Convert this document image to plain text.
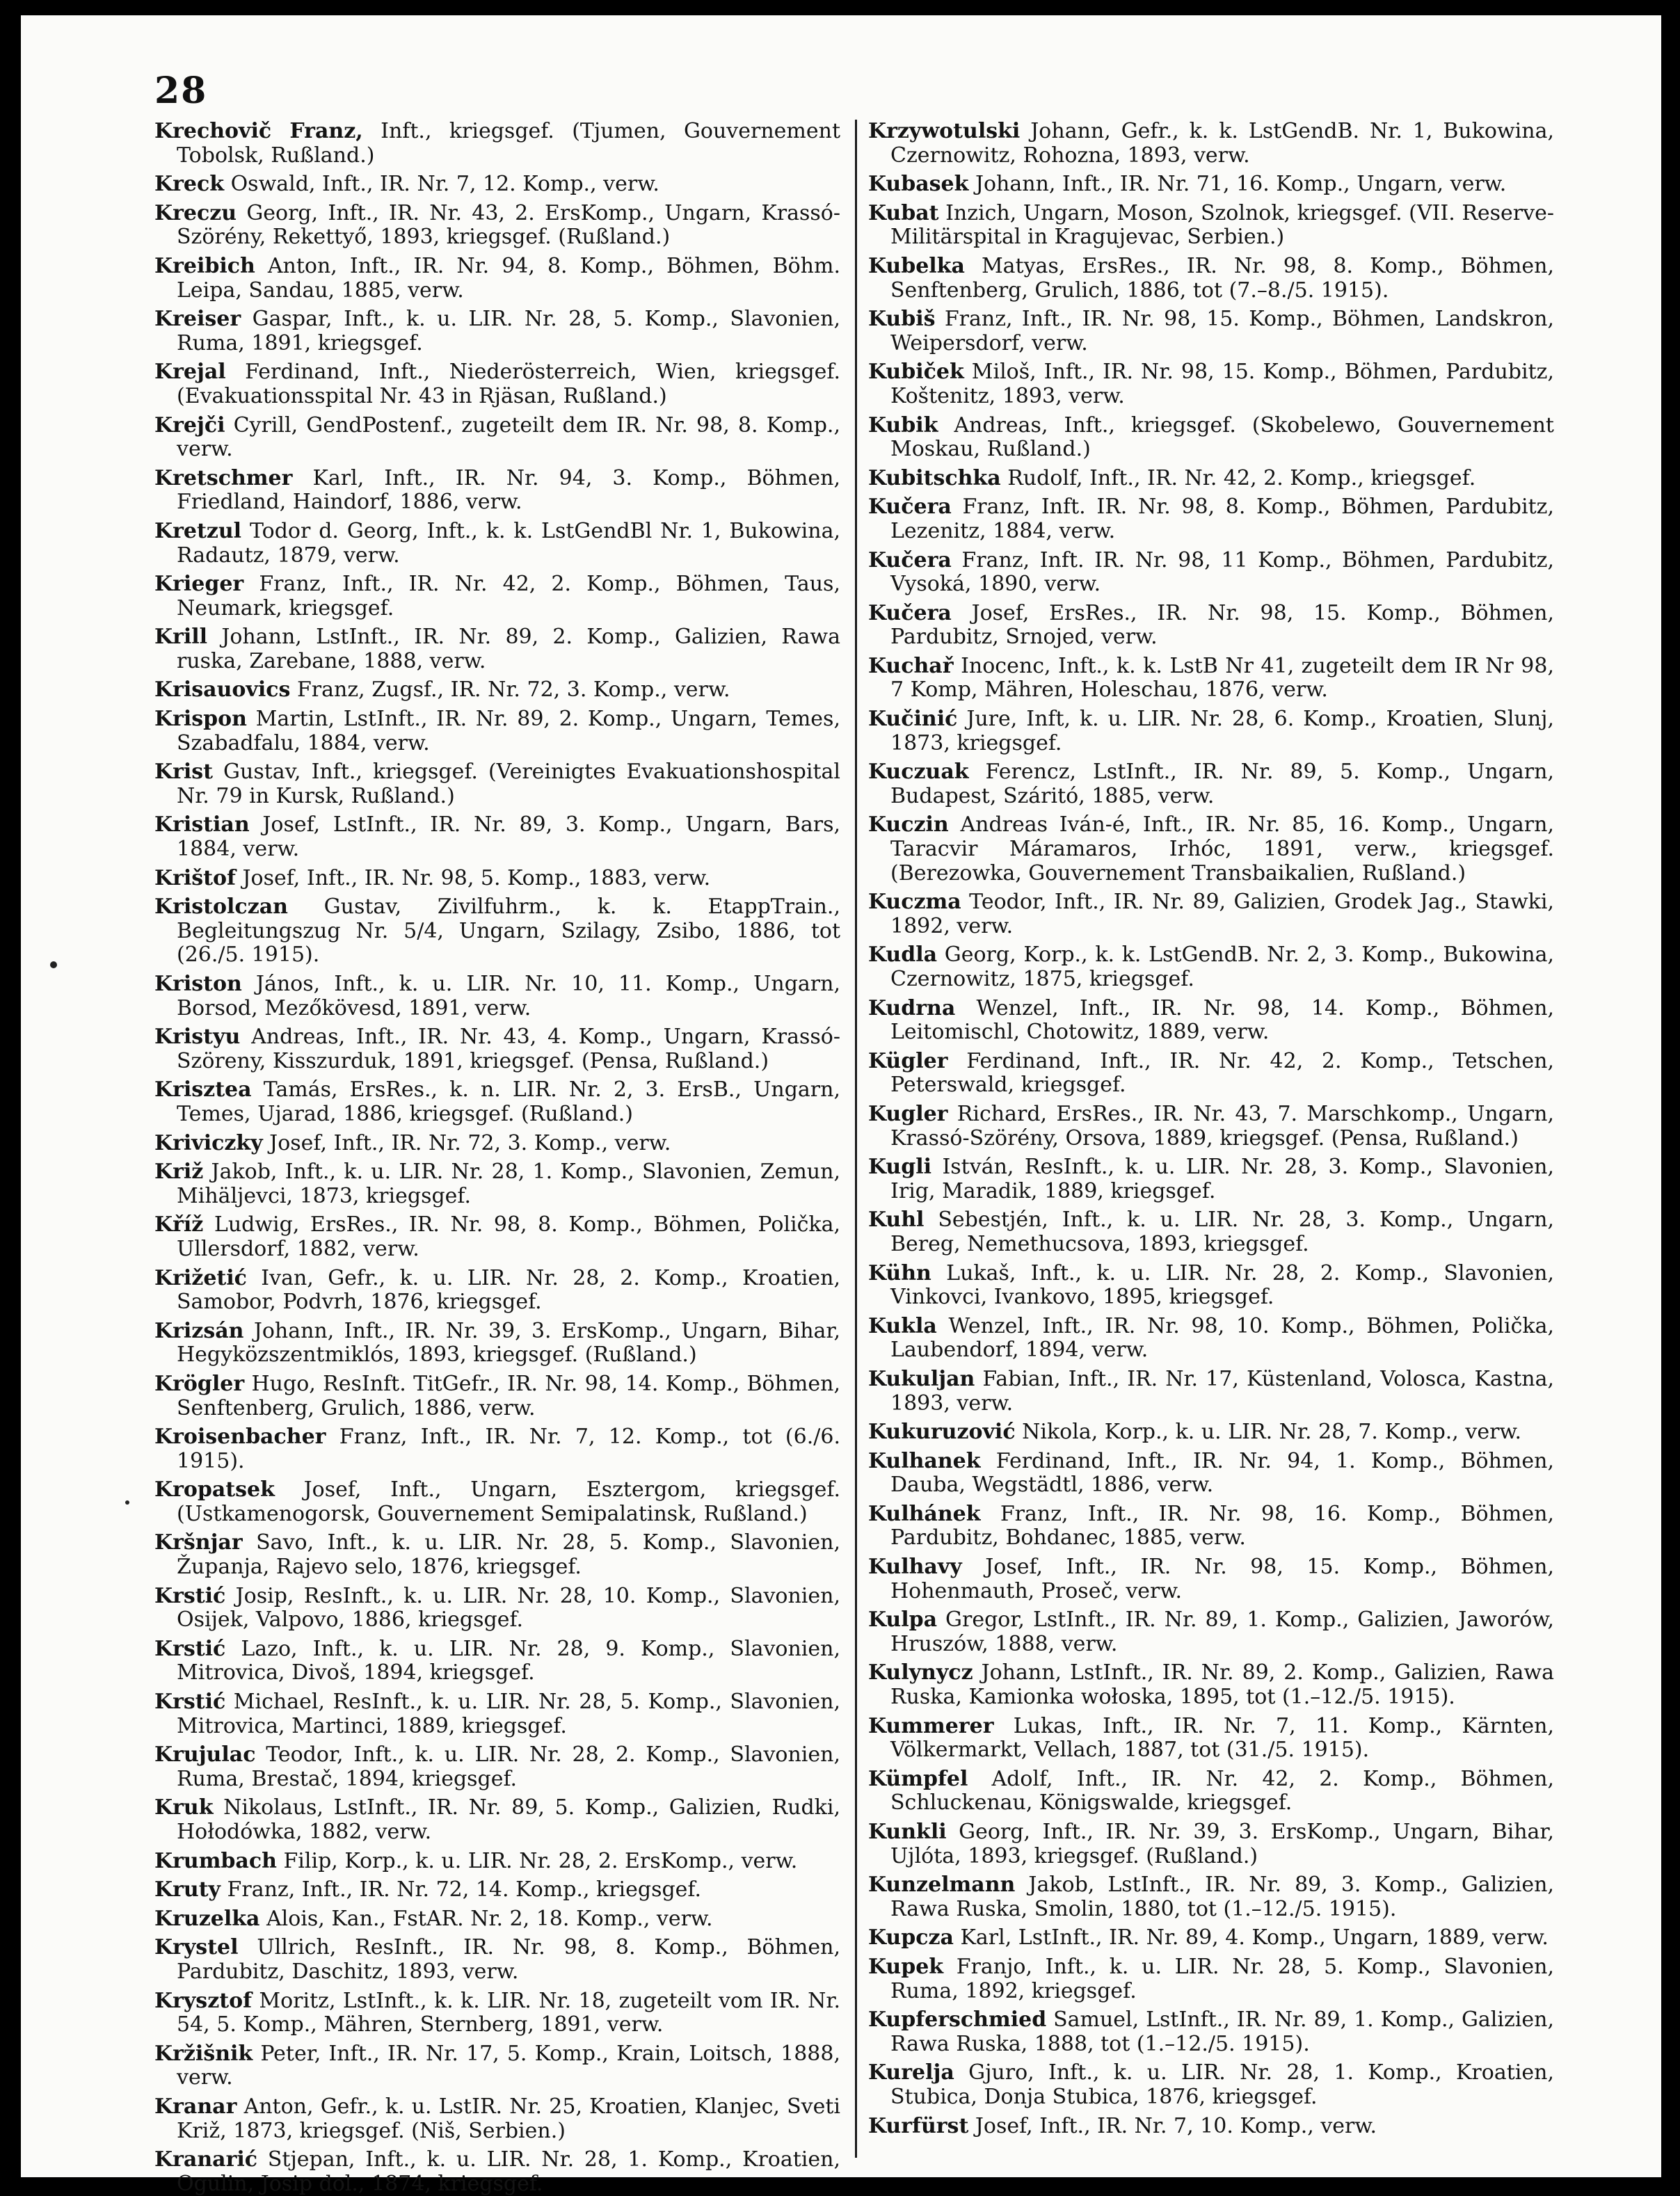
28
Krechovič Franz, Inft., kriegsgef. (Tjumen, Gouvernement Tobolsk, Rußland.)
Kreck Oswald, Inft., IR. Nr. 7, 12. Komp., verw.
Kreczu Georg, Inft., IR. Nr. 43, 2. ErsKomp., Ungarn, Krassó-Szörény, Rekettyő, 1893, kriegsgef. (Rußland.)
Kreibich Anton, Inft., IR. Nr. 94, 8. Komp., Böhmen, Böhm. Leipa, Sandau, 1885, verw.
Kreiser Gaspar, Inft., k. u. LIR. Nr. 28, 5. Komp., Slavonien, Ruma, 1891, kriegsgef.
Krejal Ferdinand, Inft., Niederösterreich, Wien, kriegsgef. (Evakuationsspital Nr. 43 in Rjäsan, Rußland.)
Krejči Cyrill, GendPostenf., zugeteilt dem IR. Nr. 98, 8. Komp., verw.
Kretschmer Karl, Inft., IR. Nr. 94, 3. Komp., Böhmen, Friedland, Haindorf, 1886, verw.
Kretzul Todor d. Georg, Inft., k. k. LstGendBl Nr. 1, Bukowina, Radautz, 1879, verw.
Krieger Franz, Inft., IR. Nr. 42, 2. Komp., Böhmen, Taus, Neumark, kriegsgef.
Krill Johann, LstInft., IR. Nr. 89, 2. Komp., Galizien, Rawa ruska, Zarebane, 1888, verw.
Krisauovics Franz, Zugsf., IR. Nr. 72, 3. Komp., verw.
Krispon Martin, LstInft., IR. Nr. 89, 2. Komp., Ungarn, Temes, Szabadfalu, 1884, verw.
Krist Gustav, Inft., kriegsgef. (Vereinigtes Evakuationshospital Nr. 79 in Kursk, Rußland.)
Kristian Josef, LstInft., IR. Nr. 89, 3. Komp., Ungarn, Bars, 1884, verw.
Krištof Josef, Inft., IR. Nr. 98, 5. Komp., 1883, verw.
Kristolczan Gustav, Zivilfuhrm., k. k. EtappTrain., Begleitungszug Nr. 5/4, Ungarn, Szilagy, Zsibo, 1886, tot (26./5. 1915).
Kriston János, Inft., k. u. LIR. Nr. 10, 11. Komp., Ungarn, Borsod, Mezőkövesd, 1891, verw.
Kristyu Andreas, Inft., IR. Nr. 43, 4. Komp., Ungarn, Krassó-Szöreny, Kisszurduk, 1891, kriegsgef. (Pensa, Rußland.)
Krisztea Tamás, ErsRes., k. n. LIR. Nr. 2, 3. ErsB., Ungarn, Temes, Ujarad, 1886, kriegsgef. (Rußland.)
Kriviczky Josef, Inft., IR. Nr. 72, 3. Komp., verw.
Križ Jakob, Inft., k. u. LIR. Nr. 28, 1. Komp., Slavonien, Zemun, Mihäljevci, 1873, kriegsgef.
Kříž Ludwig, ErsRes., IR. Nr. 98, 8. Komp., Böhmen, Polička, Ullersdorf, 1882, verw.
Križetić Ivan, Gefr., k. u. LIR. Nr. 28, 2. Komp., Kroatien, Samobor, Podvrh, 1876, kriegsgef.
Krizsán Johann, Inft., IR. Nr. 39, 3. ErsKomp., Ungarn, Bihar, Hegyközszentmiklós, 1893, kriegsgef. (Rußland.)
Krögler Hugo, ResInft. TitGefr., IR. Nr. 98, 14. Komp., Böhmen, Senftenberg, Grulich, 1886, verw.
Kroisenbacher Franz, Inft., IR. Nr. 7, 12. Komp., tot (6./6. 1915).
Kropatsek Josef, Inft., Ungarn, Esztergom, kriegsgef. (Ustkamenogorsk, Gouvernement Semipalatinsk, Rußland.)
Kršnjar Savo, Inft., k. u. LIR. Nr. 28, 5. Komp., Slavonien, Županja, Rajevo selo, 1876, kriegsgef.
Krstić Josip, ResInft., k. u. LIR. Nr. 28, 10. Komp., Slavonien, Osijek, Valpovo, 1886, kriegsgef.
Krstić Lazo, Inft., k. u. LIR. Nr. 28, 9. Komp., Slavonien, Mitrovica, Divoš, 1894, kriegsgef.
Krstić Michael, ResInft., k. u. LIR. Nr. 28, 5. Komp., Slavonien, Mitrovica, Martinci, 1889, kriegsgef.
Krujulac Teodor, Inft., k. u. LIR. Nr. 28, 2. Komp., Slavonien, Ruma, Brestač, 1894, kriegsgef.
Kruk Nikolaus, LstInft., IR. Nr. 89, 5. Komp., Galizien, Rudki, Hołodówka, 1882, verw.
Krumbach Filip, Korp., k. u. LIR. Nr. 28, 2. ErsKomp., verw.
Kruty Franz, Inft., IR. Nr. 72, 14. Komp., kriegsgef.
Kruzelka Alois, Kan., FstAR. Nr. 2, 18. Komp., verw.
Krystel Ullrich, ResInft., IR. Nr. 98, 8. Komp., Böhmen, Pardubitz, Daschitz, 1893, verw.
Krysztof Moritz, LstInft., k. k. LIR. Nr. 18, zugeteilt vom IR. Nr. 54, 5. Komp., Mähren, Sternberg, 1891, verw.
Kržišnik Peter, Inft., IR. Nr. 17, 5. Komp., Krain, Loitsch, 1888, verw.
Kranar Anton, Gefr., k. u. LstIR. Nr. 25, Kroatien, Klanjec, Sveti Križ, 1873, kriegsgef. (Niš, Serbien.)
Kranarić Stjepan, Inft., k. u. LIR. Nr. 28, 1. Komp., Kroatien, Ogulin, Josip dol., 1874, kriegsgef.
Krzywotulski Johann, Gefr., k. k. LstGendB. Nr. 1, Bukowina, Czernowitz, Rohozna, 1893, verw.
Kubasek Johann, Inft., IR. Nr. 71, 16. Komp., Ungarn, verw.
Kubat Inzich, Ungarn, Moson, Szolnok, kriegsgef. (VII. Reserve-Militärspital in Kragujevac, Serbien.)
Kubelka Matyas, ErsRes., IR. Nr. 98, 8. Komp., Böhmen, Senftenberg, Grulich, 1886, tot (7.–8./5. 1915).
Kubiš Franz, Inft., IR. Nr. 98, 15. Komp., Böhmen, Landskron, Weipersdorf, verw.
Kubiček Miloš, Inft., IR. Nr. 98, 15. Komp., Böhmen, Pardubitz, Koštenitz, 1893, verw.
Kubik Andreas, Inft., kriegsgef. (Skobelewo, Gouvernement Moskau, Rußland.)
Kubitschka Rudolf, Inft., IR. Nr. 42, 2. Komp., kriegsgef.
Kučera Franz, Inft. IR. Nr. 98, 8. Komp., Böhmen, Pardubitz, Lezenitz, 1884, verw.
Kučera Franz, Inft. IR. Nr. 98, 11 Komp., Böhmen, Pardubitz, Vysoká, 1890, verw.
Kučera Josef, ErsRes., IR. Nr. 98, 15. Komp., Böhmen, Pardubitz, Srnojed, verw.
Kuchař Inocenc, Inft., k. k. LstB Nr 41, zugeteilt dem IR Nr 98, 7 Komp, Mähren, Holeschau, 1876, verw.
Kučinić Jure, Inft, k. u. LIR. Nr. 28, 6. Komp., Kroatien, Slunj, 1873, kriegsgef.
Kuczuak Ferencz, LstInft., IR. Nr. 89, 5. Komp., Ungarn, Budapest, Száritó, 1885, verw.
Kuczin Andreas Iván-é, Inft., IR. Nr. 85, 16. Komp., Ungarn, Taracvir Máramaros, Irhóc, 1891, verw., kriegsgef. (Berezowka, Gouvernement Transbaikalien, Rußland.)
Kuczma Teodor, Inft., IR. Nr. 89, Galizien, Grodek Jag., Stawki, 1892, verw.
Kudla Georg, Korp., k. k. LstGendB. Nr. 2, 3. Komp., Bukowina, Czernowitz, 1875, kriegsgef.
Kudrna Wenzel, Inft., IR. Nr. 98, 14. Komp., Böhmen, Leitomischl, Chotowitz, 1889, verw.
Kügler Ferdinand, Inft., IR. Nr. 42, 2. Komp., Tetschen, Peterswald, kriegsgef.
Kugler Richard, ErsRes., IR. Nr. 43, 7. Marschkomp., Ungarn, Krassó-Szörény, Orsova, 1889, kriegsgef. (Pensa, Rußland.)
Kugli István, ResInft., k. u. LIR. Nr. 28, 3. Komp., Slavonien, Irig, Maradik, 1889, kriegsgef.
Kuhl Sebestjén, Inft., k. u. LIR. Nr. 28, 3. Komp., Ungarn, Bereg, Nemethucsova, 1893, kriegsgef.
Kühn Lukaš, Inft., k. u. LIR. Nr. 28, 2. Komp., Slavonien, Vinkovci, Ivankovo, 1895, kriegsgef.
Kukla Wenzel, Inft., IR. Nr. 98, 10. Komp., Böhmen, Polička, Laubendorf, 1894, verw.
Kukuljan Fabian, Inft., IR. Nr. 17, Küstenland, Volosca, Kastna, 1893, verw.
Kukuruzović Nikola, Korp., k. u. LIR. Nr. 28, 7. Komp., verw.
Kulhanek Ferdinand, Inft., IR. Nr. 94, 1. Komp., Böhmen, Dauba, Wegstädtl, 1886, verw.
Kulhánek Franz, Inft., IR. Nr. 98, 16. Komp., Böhmen, Pardubitz, Bohdanec, 1885, verw.
Kulhavy Josef, Inft., IR. Nr. 98, 15. Komp., Böhmen, Hohenmauth, Proseč, verw.
Kulpa Gregor, LstInft., IR. Nr. 89, 1. Komp., Galizien, Jaworów, Hruszów, 1888, verw.
Kulynycz Johann, LstInft., IR. Nr. 89, 2. Komp., Galizien, Rawa Ruska, Kamionka wołoska, 1895, tot (1.–12./5. 1915).
Kummerer Lukas, Inft., IR. Nr. 7, 11. Komp., Kärnten, Völkermarkt, Vellach, 1887, tot (31./5. 1915).
Kümpfel Adolf, Inft., IR. Nr. 42, 2. Komp., Böhmen, Schluckenau, Königswalde, kriegsgef.
Kunkli Georg, Inft., IR. Nr. 39, 3. ErsKomp., Ungarn, Bihar, Ujlóta, 1893, kriegsgef. (Rußland.)
Kunzelmann Jakob, LstInft., IR. Nr. 89, 3. Komp., Galizien, Rawa Ruska, Smolin, 1880, tot (1.–12./5. 1915).
Kupcza Karl, LstInft., IR. Nr. 89, 4. Komp., Ungarn, 1889, verw.
Kupek Franjo, Inft., k. u. LIR. Nr. 28, 5. Komp., Slavonien, Ruma, 1892, kriegsgef.
Kupferschmied Samuel, LstInft., IR. Nr. 89, 1. Komp., Galizien, Rawa Ruska, 1888, tot (1.–12./5. 1915).
Kurelja Gjuro, Inft., k. u. LIR. Nr. 28, 1. Komp., Kroatien, Stubica, Donja Stubica, 1876, kriegsgef.
Kurfürst Josef, Inft., IR. Nr. 7, 10. Komp., verw.
